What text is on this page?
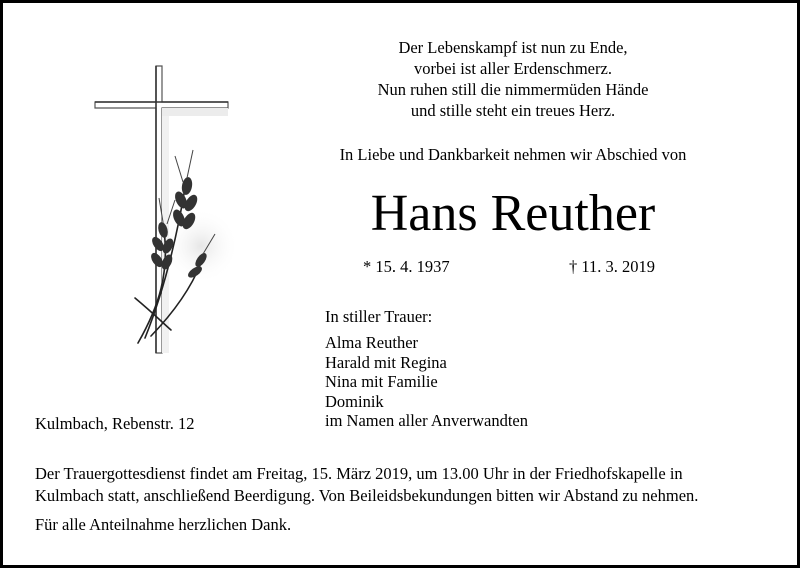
Der Lebenskampf ist nun zu Ende,
vorbei ist aller Erdenschmerz.
Nun ruhen still die nimmermüden Hände
und stille steht ein treues Herz.
In Liebe und Dankbarkeit nehmen wir Abschied von
Hans Reuther
* 15. 4. 1937	† 11. 3. 2019
In stiller Trauer:
Alma Reuther
Harald mit Regina
Nina mit Familie
Dominik
im Namen aller Anverwandten
Kulmbach, Rebenstr. 12
Der Trauergottesdienst findet am Freitag, 15. März 2019, um 13.00 Uhr in der Friedhofskapelle in
Kulmbach statt, anschließend Beerdigung. Von Beileidsbekundungen bitten wir Abstand zu nehmen.
Für alle Anteilnahme herzlichen Dank.
